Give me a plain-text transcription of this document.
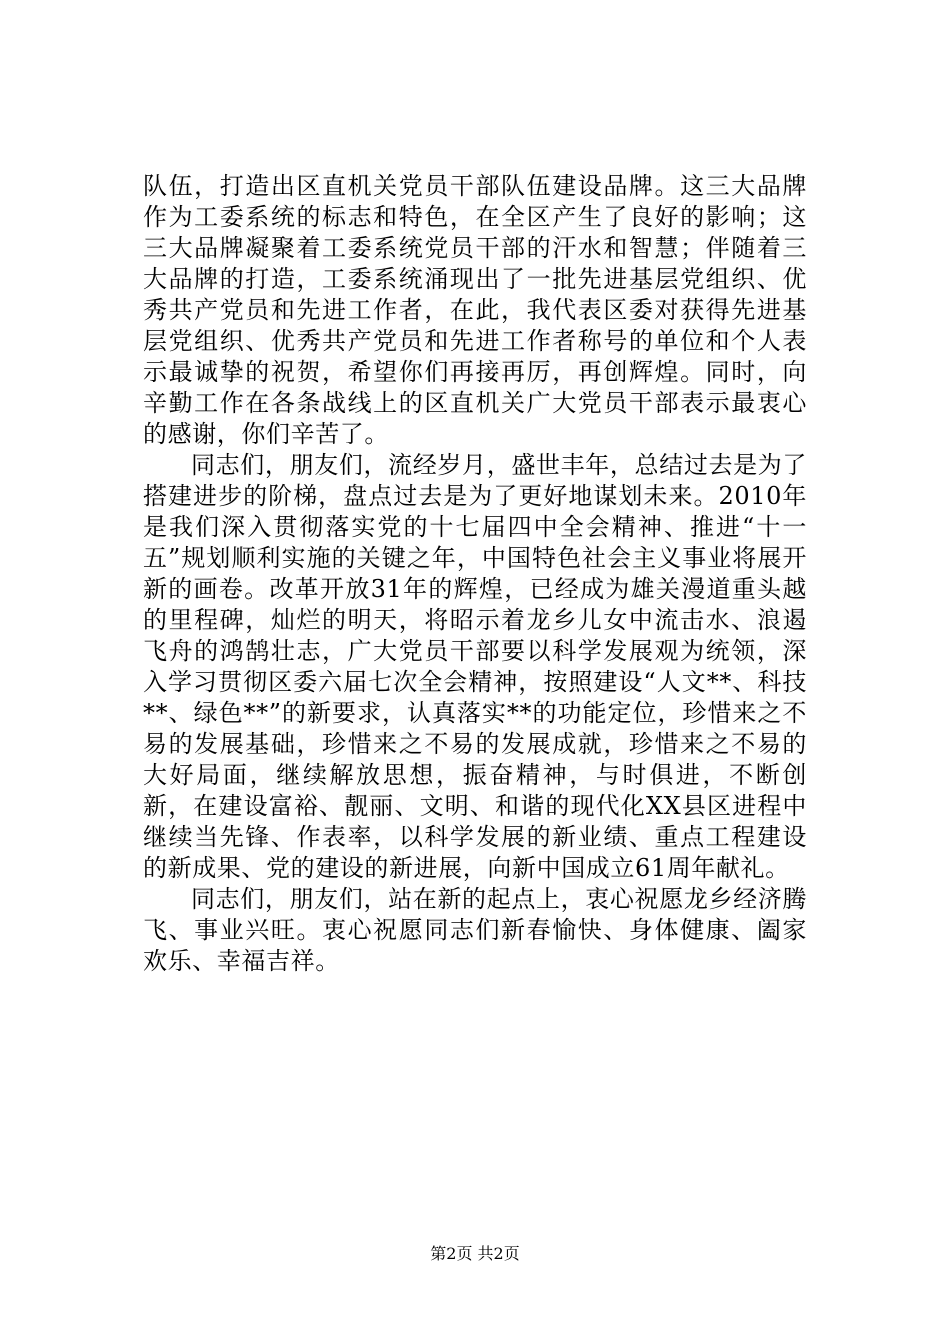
队伍，打造出区直机关党员干部队伍建设品牌。这三大品牌作为工委系统的标志和特色，在全区产生了良好的影响；这三大品牌凝聚着工委系统党员干部的汗水和智慧；伴随着三大品牌的打造，工委系统涌现出了一批先进基层党组织、优秀共产党员和先进工作者，在此，我代表区委对获得先进基层党组织、优秀共产党员和先进工作者称号的单位和个人表示最诚挚的祝贺，希望你们再接再厉，再创辉煌。同时，向辛勤工作在各条战线上的区直机关广大党员干部表示最衷心的感谢，你们辛苦了。

同志们，朋友们，流经岁月，盛世丰年，总结过去是为了搭建进步的阶梯，盘点过去是为了更好地谋划未来。2010年是我们深入贯彻落实党的十七届四中全会精神、推进“十一五”规划顺利实施的关键之年，中国特色社会主义事业将展开新的画卷。改革开放31年的辉煌，已经成为雄关漫道重头越的里程碑，灿烂的明天，将昭示着龙乡儿女中流击水、浪遏飞舟的鸿鹄壮志，广大党员干部要以科学发展观为统领，深入学习贯彻区委六届七次全会精神，按照建设“人文**、科技**、绿色**”的新要求，认真落实**的功能定位，珍惜来之不易的发展基础，珍惜来之不易的发展成就，珍惜来之不易的大好局面，继续解放思想，振奋精神，与时俱进，不断创新，在建设富裕、靓丽、文明、和谐的现代化XX县区进程中继续当先锋、作表率，以科学发展的新业绩、重点工程建设的新成果、党的建设的新进展，向新中国成立61周年献礼。

同志们，朋友们，站在新的起点上，衷心祝愿龙乡经济腾飞、事业兴旺。衷心祝愿同志们新春愉快、身体健康、阖家欢乐、幸福吉祥。

第2页 共2页
